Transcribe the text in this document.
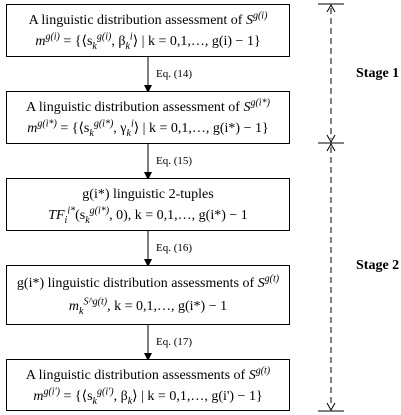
A linguistic distribution assessment of $S^{g(i)}$
$m^{g(i)}$ = {$⟨s_k^{g(i)}$, $\beta_k^i⟩$ | k = 0,1,…, g(i) − 1}
Eq. (14)
A linguistic distribution assessment of $S^{g(i*)}$
$m^{g(i*)}$ = {$⟨s_k^{g(i*)}$, $\gamma_k^i⟩$ | k = 0,1,…, g(i*) − 1}
Eq. (15)
g(i*) linguistic 2-tuples
$TF_i^{i*}(s_k^{g(i*)}$, 0), k = 0,1,…, g(i*) − 1
Eq. (16)
g(i*) linguistic distribution assessments of $S^{g(t)}$
$m_k^{S\^{}g(t)}$, k = 0,1,…, g(i*) − 1
Eq. (17)
A linguistic distribution assessments of $S^{g(t)}$
$m^{g(i')}$ = {$⟨s_k^{g(i')}$, $\beta_k⟩$ | k = 0,1,…, g(i') − 1}
Stage 1
Stage 2
